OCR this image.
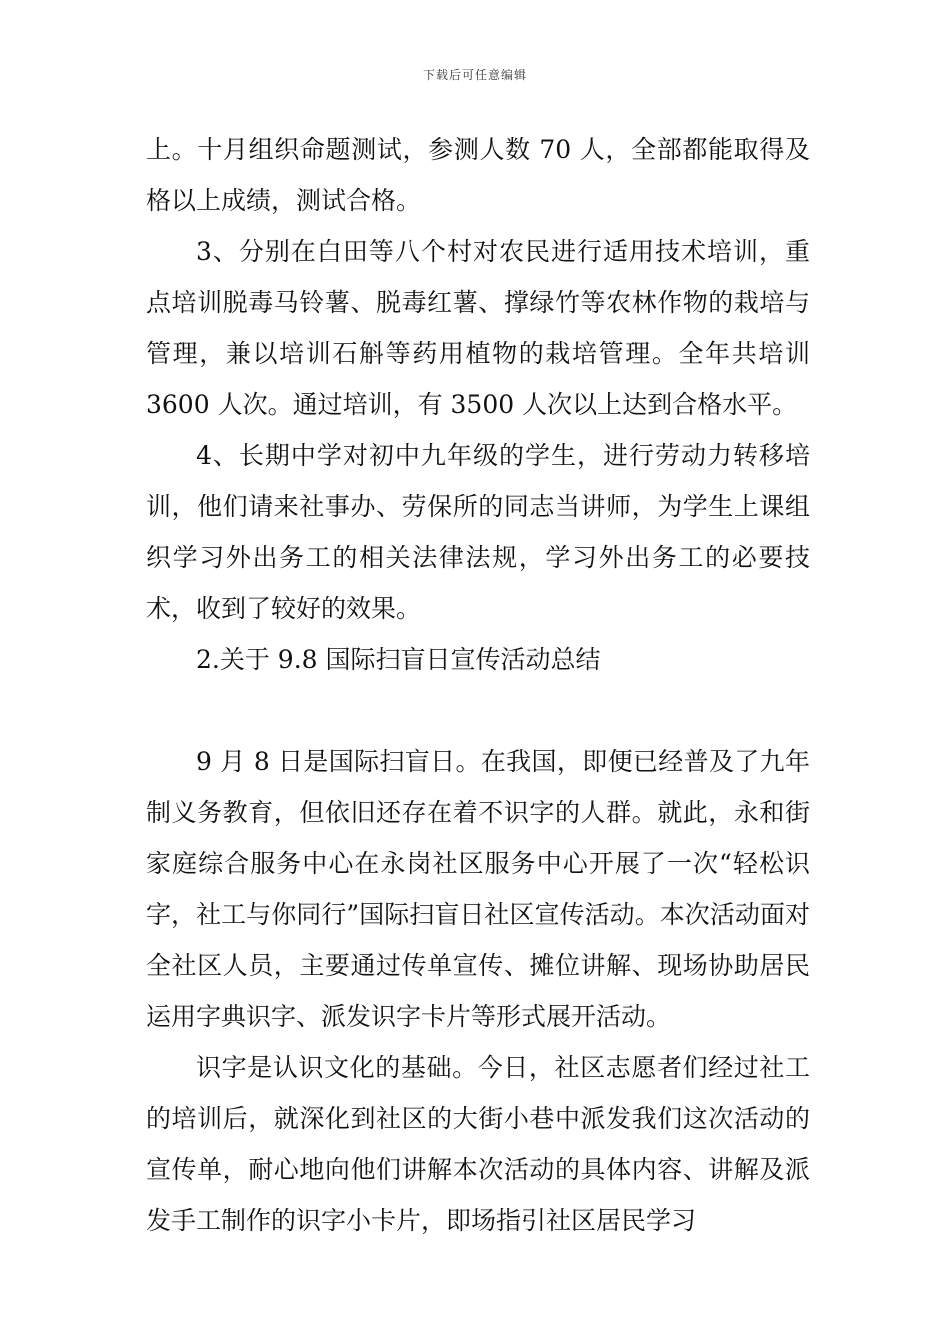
下载后可任意编辑

上。十月组织命题测试，参测人数 70 人，全部都能取得及格以上成绩，测试合格。

3、分别在白田等八个村对农民进行适用技术培训，重点培训脱毒马铃薯、脱毒红薯、撑绿竹等农林作物的栽培与管理，兼以培训石斛等药用植物的栽培管理。全年共培训 3600 人次。通过培训，有 3500 人次以上达到合格水平。

4、长期中学对初中九年级的学生，进行劳动力转移培训，他们请来社事办、劳保所的同志当讲师，为学生上课组织学习外出务工的相关法律法规，学习外出务工的必要技术，收到了较好的效果。

2.关于 9.8 国际扫盲日宣传活动总结

9 月 8 日是国际扫盲日。在我国，即便已经普及了九年制义务教育，但依旧还存在着不识字的人群。就此，永和街家庭综合服务中心在永岗社区服务中心开展了一次“轻松识字，社工与你同行”国际扫盲日社区宣传活动。本次活动面对全社区人员，主要通过传单宣传、摊位讲解、现场协助居民 运用字典识字、派发识字卡片等形式展开活动。

识字是认识文化的基础。今日，社区志愿者们经过社工的培训后，就深化到社区的大街小巷中派发我们这次活动的宣传单，耐心地向他们讲解本次活动的具体内容、讲解及派发手工制作的识字小卡片，即场指引社区居民学习
